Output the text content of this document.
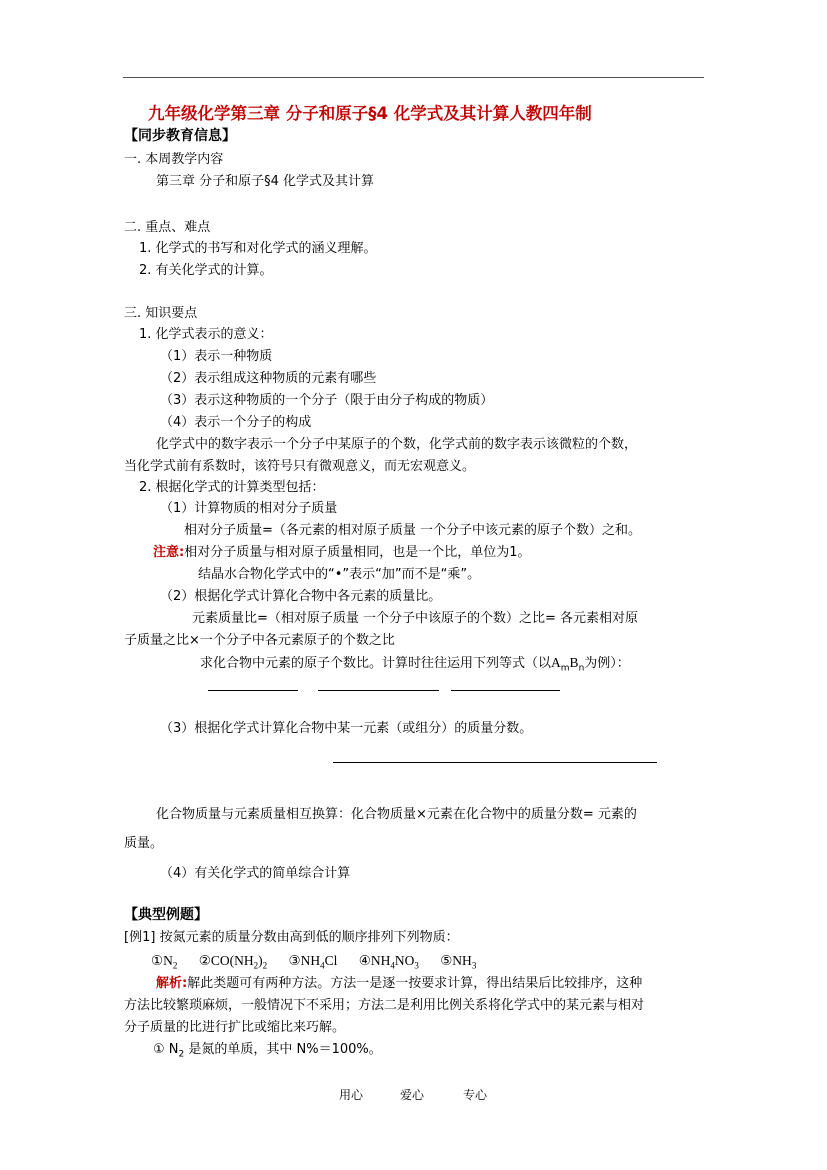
九年级化学第三章 分子和原子§4 化学式及其计算人教四年制
【同步教育信息】
一. 本周教学内容
第三章 分子和原子§4 化学式及其计算
二. 重点、难点
1. 化学式的书写和对化学式的涵义理解。
2. 有关化学式的计算。
三. 知识要点
1. 化学式表示的意义：
（1）表示一种物质
（2）表示组成这种物质的元素有哪些
（3）表示这种物质的一个分子（限于由分子构成的物质）
（4）表示一个分子的构成
化学式中的数字表示一个分子中某原子的个数，化学式前的数字表示该微粒的个数，
当化学式前有系数时，该符号只有微观意义，而无宏观意义。
2. 根据化学式的计算类型包括：
（1）计算物质的相对分子质量
相对分子质量=（各元素的相对原子质量 一个分子中该元素的原子个数）之和。
注意:相对分子质量与相对原子质量相同，也是一个比，单位为1。
结晶水合物化学式中的“•”表示“加”而不是“乘”。
（2）根据化学式计算化合物中各元素的质量比。
元素质量比=（相对原子质量 一个分子中该原子的个数）之比= 各元素相对原
子质量之比×一个分子中各元素原子的个数之比
求化合物中元素的原子个数比。计算时往往运用下列等式（以$A_mB_n$为例）：
（3）根据化学式计算化合物中某一元素（或组分）的质量分数。
化合物质量与元素质量相互换算：化合物质量×元素在化合物中的质量分数= 元素的
质量。
（4）有关化学式的简单综合计算
【典型例题】
[例1] 按氮元素的质量分数由高到低的顺序排列下列物质：
$①N_2$ $②CO(NH_2)_2$ $③NH_4Cl$ $④NH_4NO_3$ $⑤NH_3$
解析:解此类题可有两种方法。方法一是逐一按要求计算，得出结果后比较排序，这种
方法比较繁琐麻烦，一般情况下不采用；方法二是利用比例关系将化学式中的某元素与相对
分子质量的比进行扩比或缩比来巧解。
① $N_2$ 是氮的单质，其中 N%＝100%。
用心	爱心	专心
